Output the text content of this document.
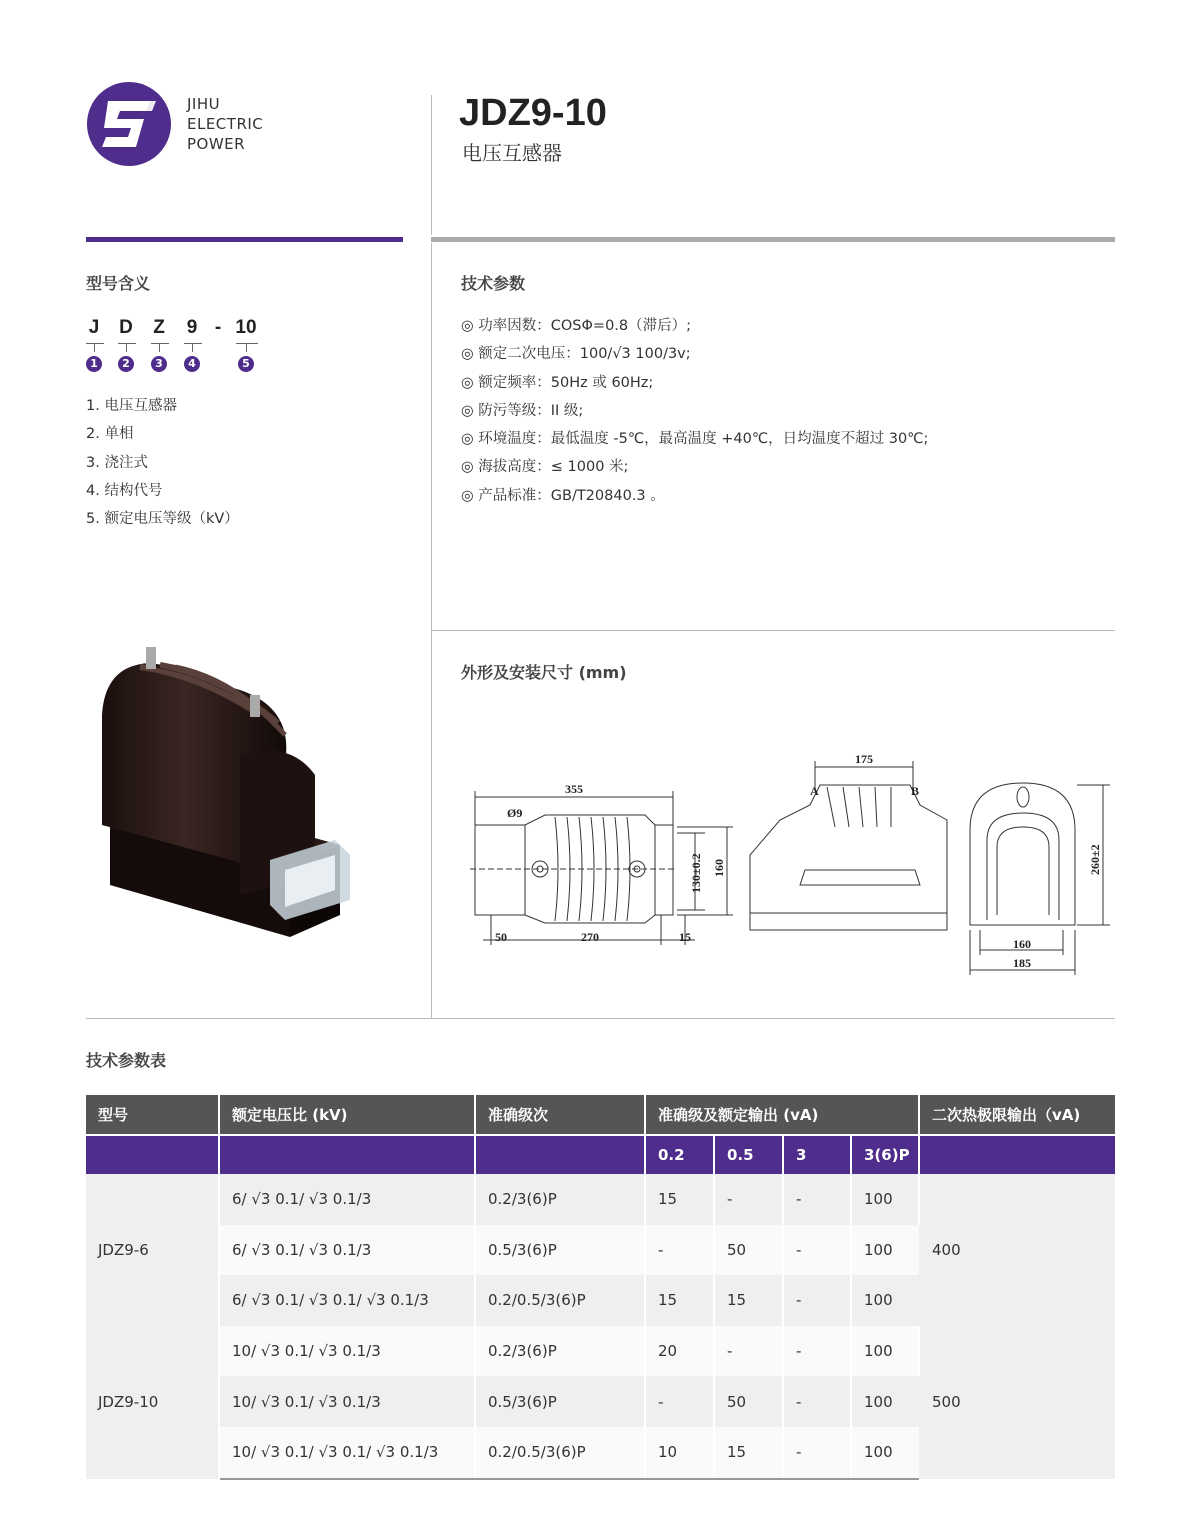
JIHU
ELECTRIC
POWER
JDZ9-10
电压互感器
型号含义
J	D	Z	9 - 10
1	2	3	4	5
1. 电压互感器
2. 单相
3. 浇注式
4. 结构代号
5. 额定电压等级（kV）
技术参数
◎ 功率因数：COSΦ=0.8（滞后）;
◎ 额定二次电压：100/√3 100/3v;
◎ 额定频率：50Hz 或 60Hz;
◎ 防污等级：II 级;
◎ 环境温度：最低温度 -5℃，最高温度 +40℃，日均温度不超过 30℃;
◎ 海拔高度：≤ 1000 米;
◎ 产品标准：GB/T20840.3 。
外形及安装尺寸 (mm)
355
Ø9
50	270	15
130±0.2 160
175
A	B
260±2
160
185
技术参数表
型号	额定电压比 (kV)	准确级次	准确级及额定输出 (vA)				二次热极限输出（vA)
			0.2	0.5	3	3(6)P	
JDZ9-6	6/ √3 0.1/ √3 0.1/3	0.2/3(6)P	15	-	-	100	400
	6/ √3 0.1/ √3 0.1/3	0.5/3(6)P	-	50	-	100	
	6/ √3 0.1/ √3 0.1/ √3 0.1/3	0.2/0.5/3(6)P	15	15	-	100	
JDZ9-10	10/ √3 0.1/ √3 0.1/3	0.2/3(6)P	20	-	-	100	500
	10/ √3 0.1/ √3 0.1/3	0.5/3(6)P	-	50	-	100	
	10/ √3 0.1/ √3 0.1/ √3 0.1/3	0.2/0.5/3(6)P	10	15	-	100	
